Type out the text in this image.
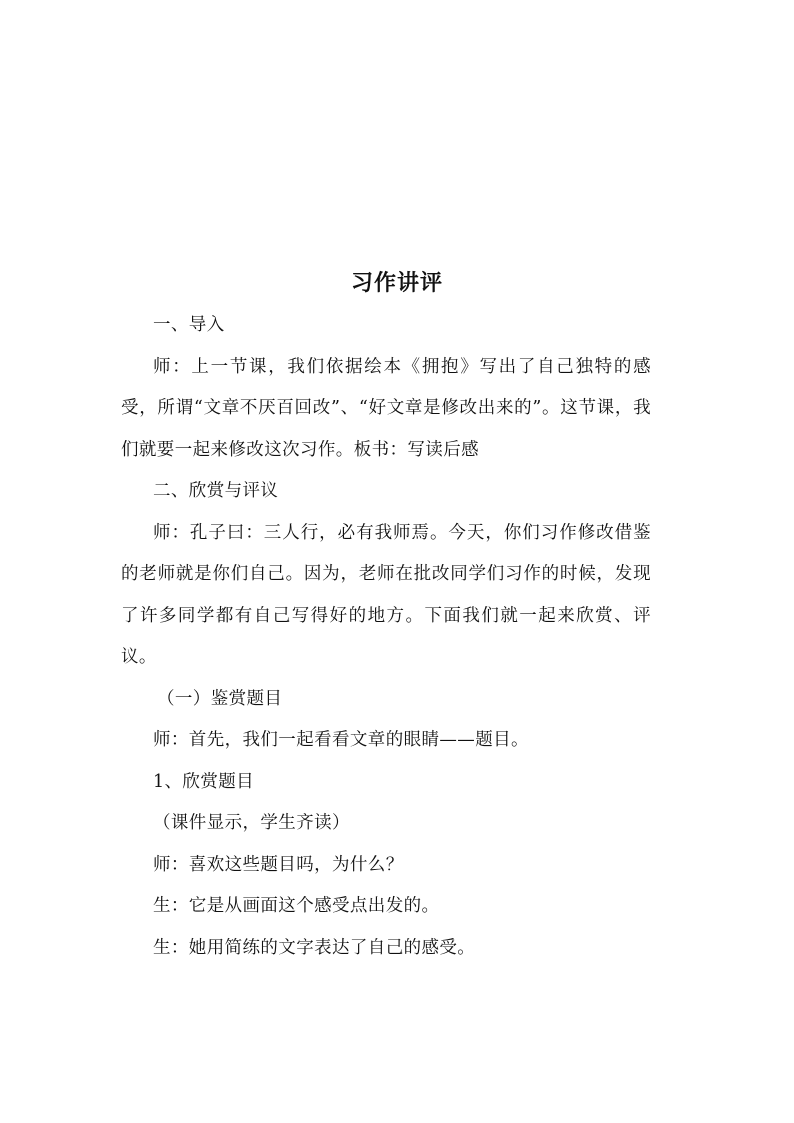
习作讲评

一、导入

师：上一节课，我们依据绘本《拥抱》写出了自己独特的感受，所谓“文章不厌百回改”、“好文章是修改出来的”。这节课，我们就要一起来修改这次习作。板书：写读后感

二、欣赏与评议

师：孔子曰：三人行，必有我师焉。今天，你们习作修改借鉴的老师就是你们自己。因为，老师在批改同学们习作的时候，发现了许多同学都有自己写得好的地方。下面我们就一起来欣赏、评议。

（一）鉴赏题目

师：首先，我们一起看看文章的眼睛——题目。

1、欣赏题目

（课件显示，学生齐读）

师：喜欢这些题目吗，为什么？

生：它是从画面这个感受点出发的。

生：她用简练的文字表达了自己的感受。
